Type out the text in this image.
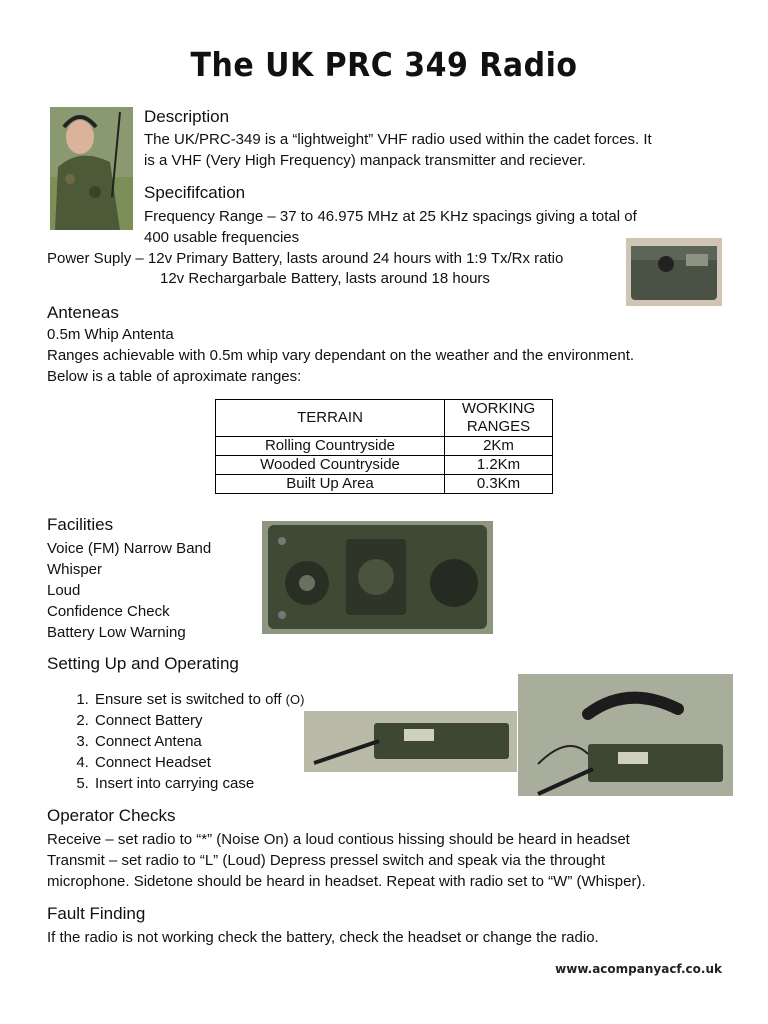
The UK PRC 349 Radio
Description
The UK/PRC-349 is a “lightweight” VHF radio used within the cadet forces. It
is a VHF (Very High Frequency) manpack transmitter and reciever.
Specififcation
Frequency Range – 37 to 46.975 MHz at 25 KHz spacings giving a total of
400 usable frequencies
Power Suply – 12v Primary Battery, lasts around 24 hours with 1:9 Tx/Rx ratio
12v Rechargarbale Battery, lasts around 18 hours
Anteneas
0.5m Whip Antenta
Ranges achievable with 0.5m whip vary dependant on the weather and the environment.
Below is a table of aproximate ranges:
TERRAIN	WORKING
RANGES

Rolling Countryside	2Km
Wooded Countryside	1.2Km
Built Up Area	0.3Km
Facilities
Voice (FM) Narrow Band
Whisper
Loud
Confidence Check
Battery Low Warning
Setting Up and Operating
1. Ensure set is switched to off (O)
2. Connect Battery
3. Connect Antena
4. Connect Headset
5. Insert into carrying case
Operator Checks
Receive – set radio to “*” (Noise On) a loud contious hissing should be heard in headset
Transmit – set radio to “L” (Loud) Depress pressel switch and speak via the throught
microphone. Sidetone should be heard in headset. Repeat with radio set to “W” (Whisper).
Fault Finding
If the radio is not working check the battery, check the headset or change the radio.
www.acompanyacf.co.uk
